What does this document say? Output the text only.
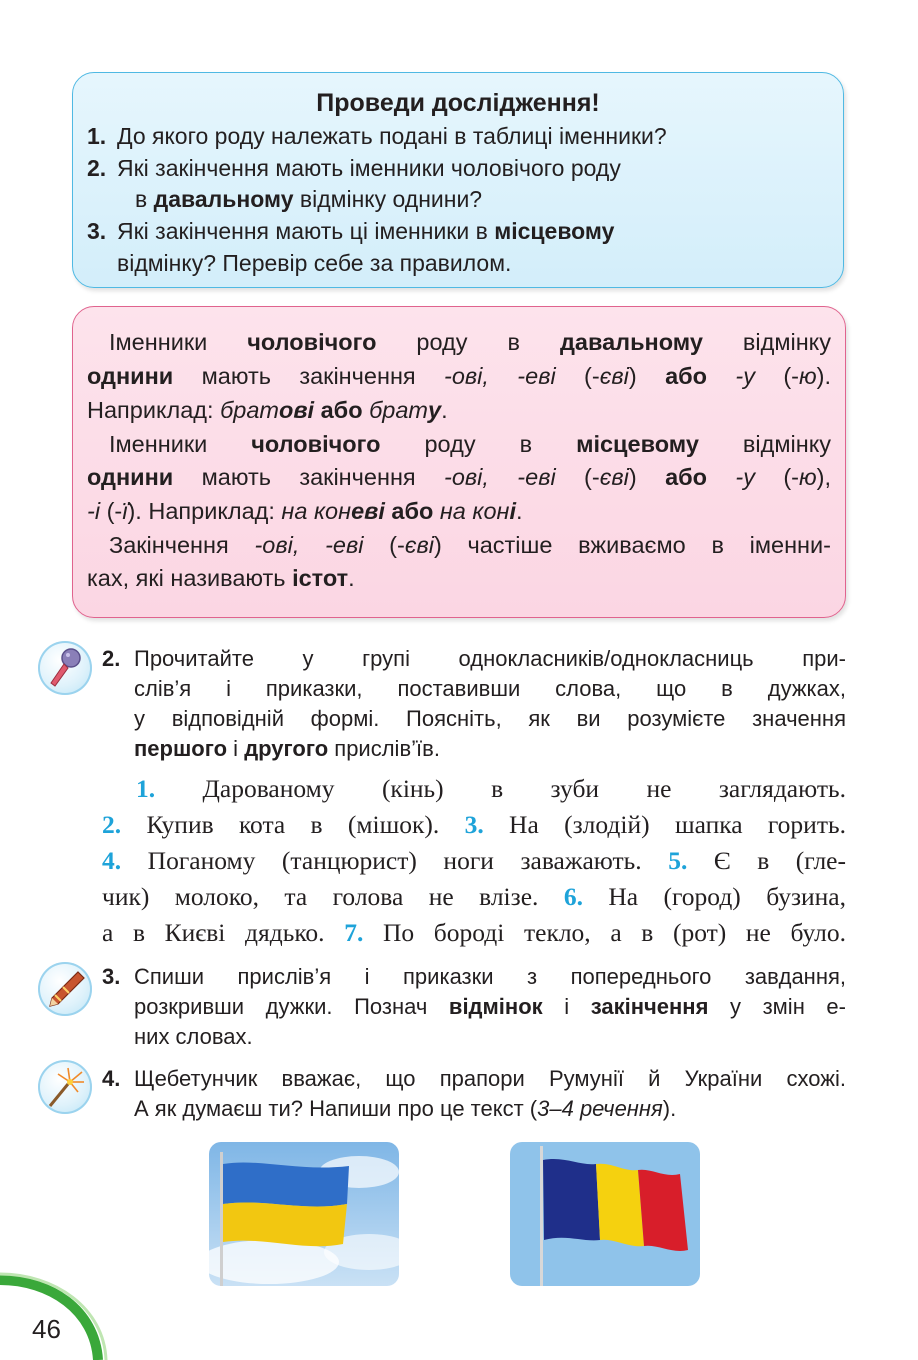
Проведи дослідження!
1. До якого роду належать подані в таблиці іменники?
2. Які закінчення мають іменники чоловічого роду
в давальному відмінку однини?
3. Які закінчення мають ці іменники в місцевому
відмінку? Перевір себе за правилом.
Іменники чоловічого роду в давальному відмінку
однини мають закінчення -ові, -еві (-єві) або -у (-ю).
Наприклад: братові або брату.
Іменники чоловічого роду в місцевому відмінку
однини мають закінчення -ові, -еві (-єві) або -у (-ю),
-і (-ї). Наприклад: на коневі або на коні.
Закінчення -ові, -еві (-єві) частіше вживаємо в іменни-
ках, які називають істот.
2. Прочитайте у групі однокласників/однокласниць при-
слів’я і приказки, поставивши слова, що в дужках,
у відповідній формі. Поясніть, як ви розумієте значення
першого і другого прислів’їв.
1. Дарованому (кінь) в зуби не заглядають.
2. Купив кота в (мішок). 3. На (злодій) шапка горить.
4. Поганому (танцюрист) ноги заважають. 5. Є в (гле-
чик) молоко, та голова не влізе. 6. На (город) бузина,
а в Києві дядько. 7. По бороді текло, а в (рот) не було.
3. Спиши прислів’я і приказки з попереднього завдання,
розкривши дужки. Познач відмінок і закінчення у змін е-
них словах.
4. Щебетунчик вважає, що прапори Румунії й України схожі.
А як думаєш ти? Напиши про це текст (3–4 речення).
46
